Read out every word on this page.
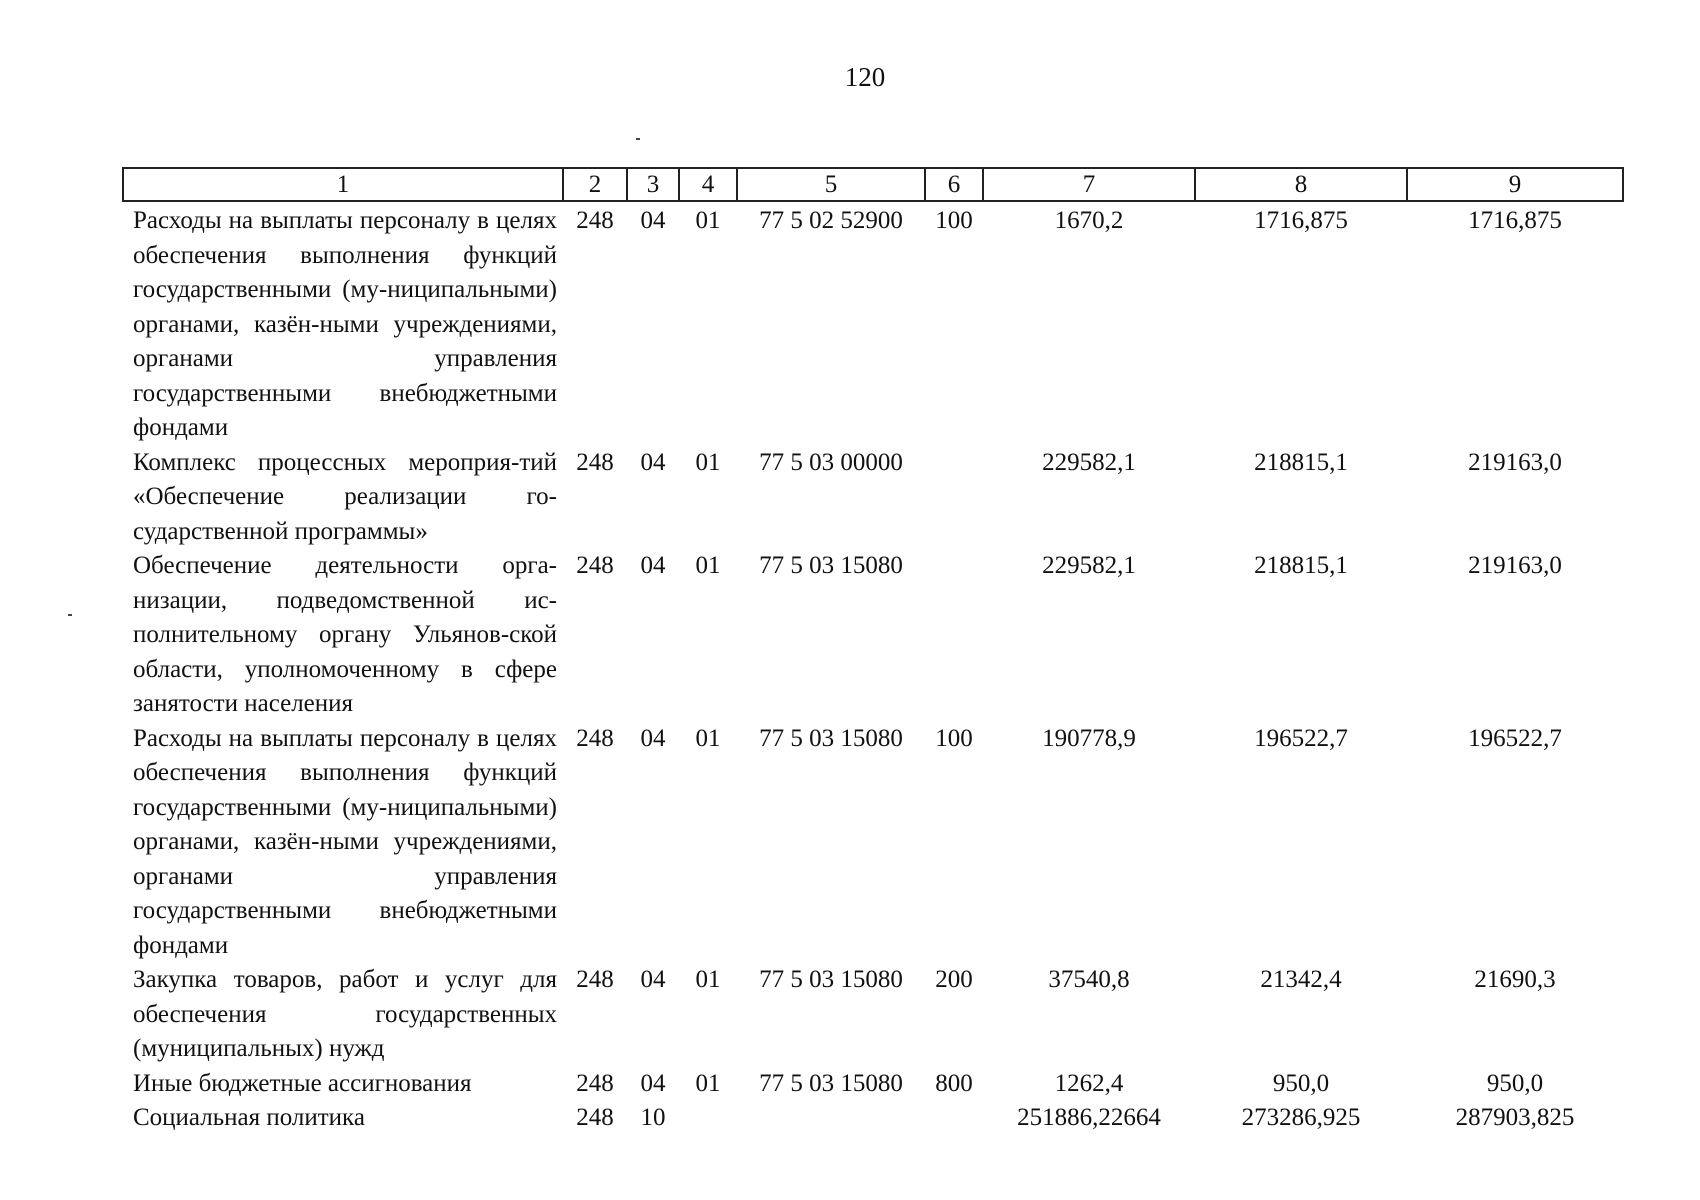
120
1	2	3	4	5	6	7	8	9
Расходы на выплаты персоналу в целях обеспечения выполнения функций государственными (му-ниципальными) органами, казён-ными учреждениями, органами управления государственными внебюджетными фондами	248	04	01	77 5 02 52900	100	1670,2	1716,875	1716,875
Комплекс процессных мероприя-тий «Обеспечение реализации го-сударственной программы»	248	04	01	77 5 03 00000		229582,1	218815,1	219163,0
Обеспечение деятельности орга-низации, подведомственной ис-полнительному органу Ульянов-ской области, уполномоченному в сфере занятости населения	248	04	01	77 5 03 15080		229582,1	218815,1	219163,0
Расходы на выплаты персоналу в целях обеспечения выполнения функций государственными (му-ниципальными) органами, казён-ными учреждениями, органами управления государственными внебюджетными фондами	248	04	01	77 5 03 15080	100	190778,9	196522,7	196522,7
Закупка товаров, работ и услуг для обеспечения государственных (муниципальных) нужд	248	04	01	77 5 03 15080	200	37540,8	21342,4	21690,3
Иные бюджетные ассигнования	248	04	01	77 5 03 15080	800	1262,4	950,0	950,0
Социальная политика	248	10				251886,22664	273286,925	287903,825
